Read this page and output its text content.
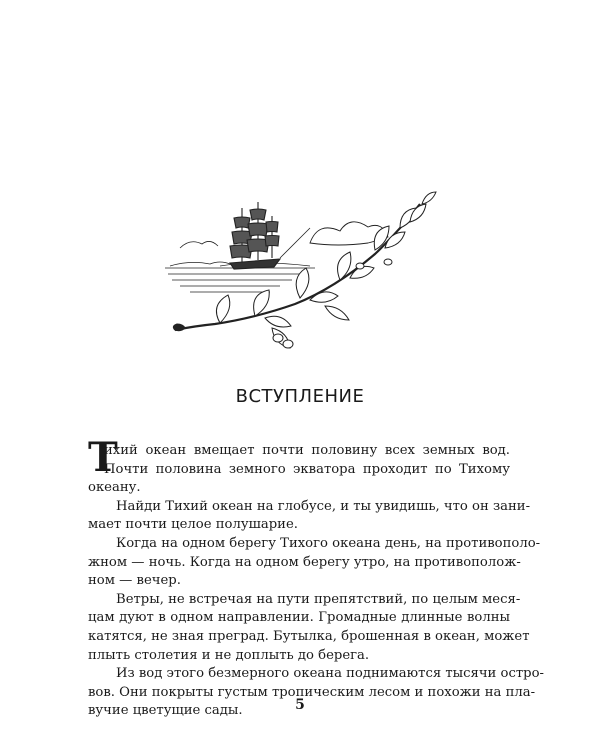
ВСТУПЛЕНИЕ
Т
ихий океан вмещает почти половину всех земных вод.
Почти половина земного экватора проходит по Тихому
океану.
Найди Тихий океан на глобусе, и ты увидишь, что он зани-
мает почти целое полушарие.
Когда на одном берегу Тихого океана день, на противополо-
жном — ночь. Когда на одном берегу утро, на противополож-
ном — вечер.
Ветры, не встречая на пути препятствий, по целым меся-
цам дуют в одном направлении. Громадные длинные волны
катятся, не зная преград. Бутылка, брошенная в океан, может
плыть столетия и не доплыть до берега.
Из вод этого безмерного океана поднимаются тысячи остро-
вов. Они покрыты густым тропическим лесом и похожи на пла-
вучие цветущие сады.	5
